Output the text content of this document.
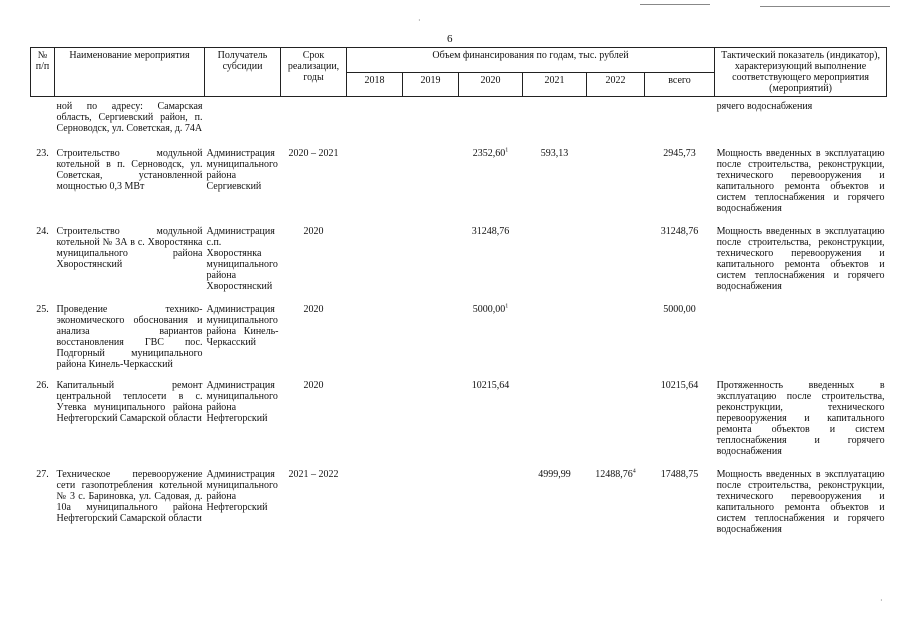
·
·
6
№ п/п	Наименование мероприятия	Получатель субсидии	Срок реализации, годы	Объем финансирования по годам, тыс. рублей						Тактический показатель (индикатор), характеризующий выполнение соответствующего мероприятия (мероприятий)
				2018	2019	2020	2021	2022	всего	
	ной по адресу: Самарская область, Сергиевский район, п. Серноводск, ул. Советская, д. 74А									рячего водоснабжения
23.	Строительство модульной котельной в п. Серноводск, ул. Советская, установленной мощностью 0,3 МВт	Администрация муниципального района Сергиевский	2020 – 2021			2352,60$^1$	593,13		2945,73	Мощность введенных в эксплуатацию после строительства, реконструкции, технического перевооружения и капитального ремонта объектов и систем теплоснабжения и горячего водоснабжения
24.	Строительство модульной котельной № 3А в с. Хворостянка муниципального района Хворостянский	Администрация с.п. Хворостянка муниципального района Хворостянский	2020			31248,76			31248,76	Мощность введенных в эксплуатацию после строительства, реконструкции, технического перевооружения и капитального ремонта объектов и систем теплоснабжения и горячего водоснабжения
25.	Проведение технико-экономического обоснования и анализа вариантов восстановления ГВС пос. Подгорный муниципального района Кинель-Черкасский	Администрация муниципального района Кинель-Черкасский	2020			5000,00$^1$			5000,00	
26.	Капитальный ремонт центральной теплосети в с. Утевка муниципального района Нефтегорский Самарской области	Администрация муниципального района Нефтегорский	2020			10215,64			10215,64	Протяженность введенных в эксплуатацию после строительства, реконструкции, технического перевооружения и капитального ремонта объектов и систем теплоснабжения и горячего водоснабжения
27.	Техническое перевооружение сети газопотребления котельной № 3 с. Бариновка, ул. Садовая, д. 10а муниципального района Нефтегорский Самарской области	Администрация муниципального района Нефтегорский	2021 – 2022				4999,99	12488,76$^4$	17488,75	Мощность введенных в эксплуатацию после строительства, реконструкции, технического перевооружения и капитального ремонта объектов и систем теплоснабжения и горячего водоснабжения
